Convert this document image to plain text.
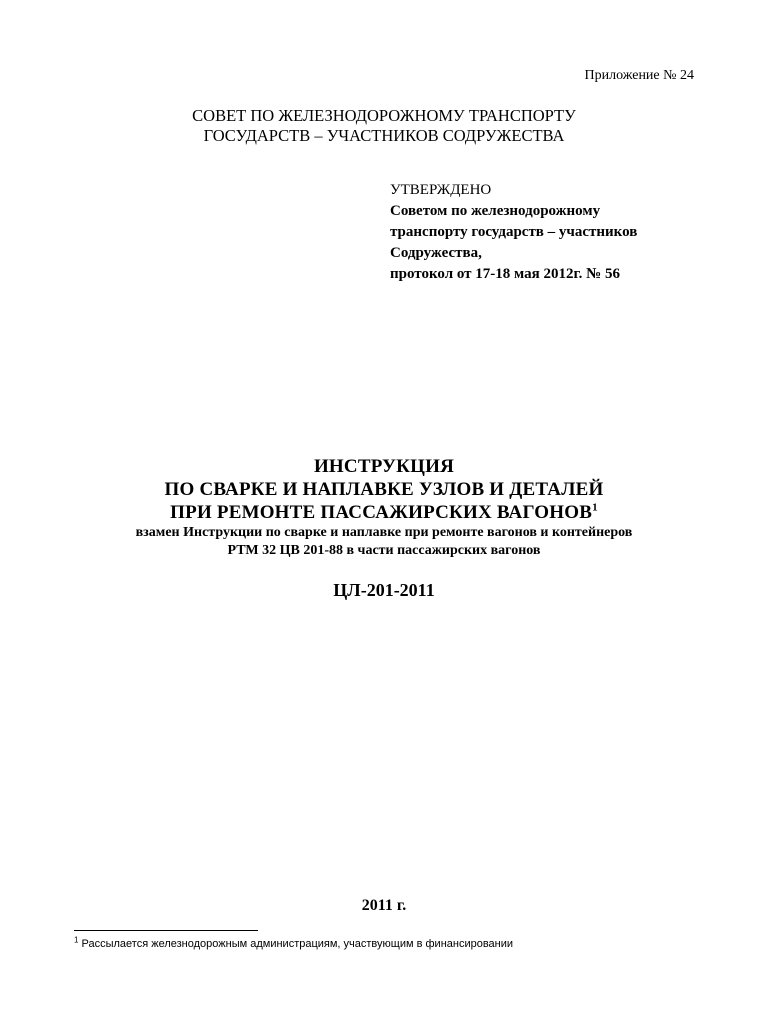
Приложение № 24
СОВЕТ ПО ЖЕЛЕЗНОДОРОЖНОМУ ТРАНСПОРТУ
ГОСУДАРСТВ – УЧАСТНИКОВ СОДРУЖЕСТВА
УТВЕРЖДЕНО
Советом по железнодорожному
транспорту государств – участников
Содружества,
протокол от 17-18 мая 2012г. № 56
ИНСТРУКЦИЯ
ПО СВАРКЕ И НАПЛАВКЕ УЗЛОВ И ДЕТАЛЕЙ
ПРИ РЕМОНТЕ ПАССАЖИРСКИХ ВАГОНОВ$^1$
взамен Инструкции по сварке и наплавке при ремонте вагонов и контейнеров
РТМ 32 ЦВ 201-88 в части пассажирских вагонов
ЦЛ-201-2011
2011 г.
$^1$ Рассылается железнодорожным администрациям, участвующим в финансировании
